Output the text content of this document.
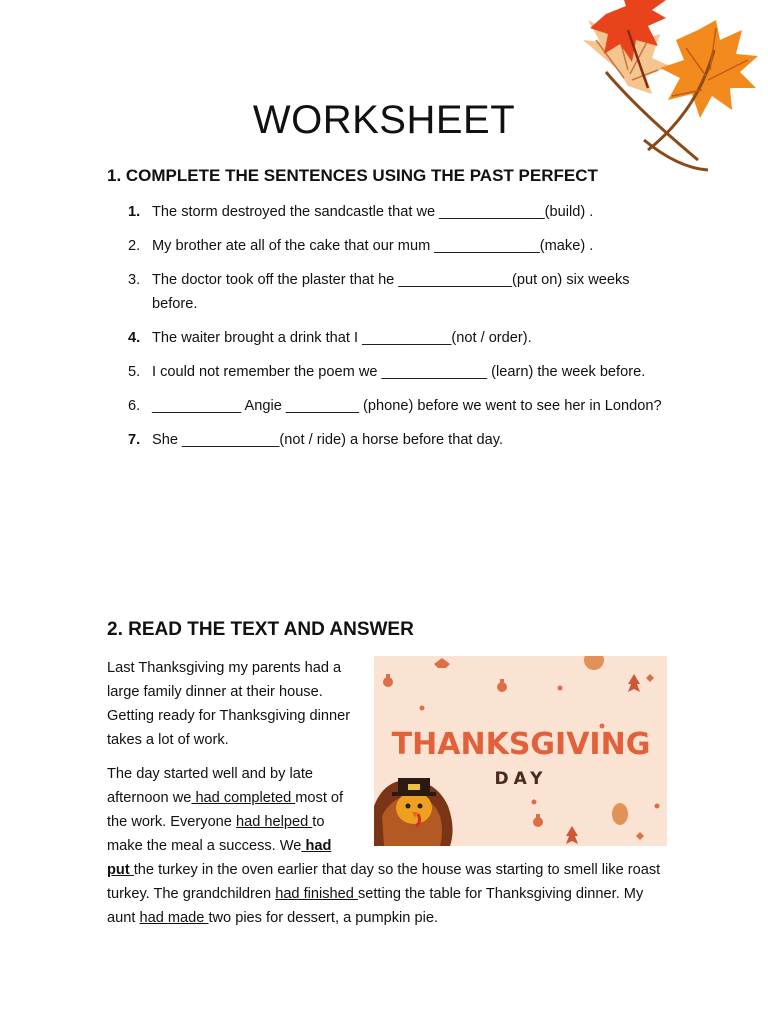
WORKSHEET
1. COMPLETE THE SENTENCES USING THE PAST PERFECT
1. The storm destroyed the sandcastle that we _____________(build) .
2. My brother ate all of the cake that our mum _____________(make) .
3. The doctor took off the plaster that he ______________(put on) six weeks before.
4. The waiter brought a drink that I ___________(not / order).
5. I could not remember the poem we _____________ (learn) the week before.
6. ___________ Angie _________ (phone) before we went to see her in London?
7. She ____________(not / ride) a horse before that day.
2. READ THE TEXT AND ANSWER
THANKSGIVING
DAY

Last Thanksgiving my parents had a large family dinner at their house. Getting ready for Thanksgiving dinner takes a lot of work.

The day started well and by late afternoon we had completed most of the work. Everyone had helped to make the meal a success. We had put the turkey in the oven earlier that day so the house was starting to smell like roast turkey. The grandchildren had finished setting the table for Thanksgiving dinner. My aunt had made two pies for dessert, a pumpkin pie.
